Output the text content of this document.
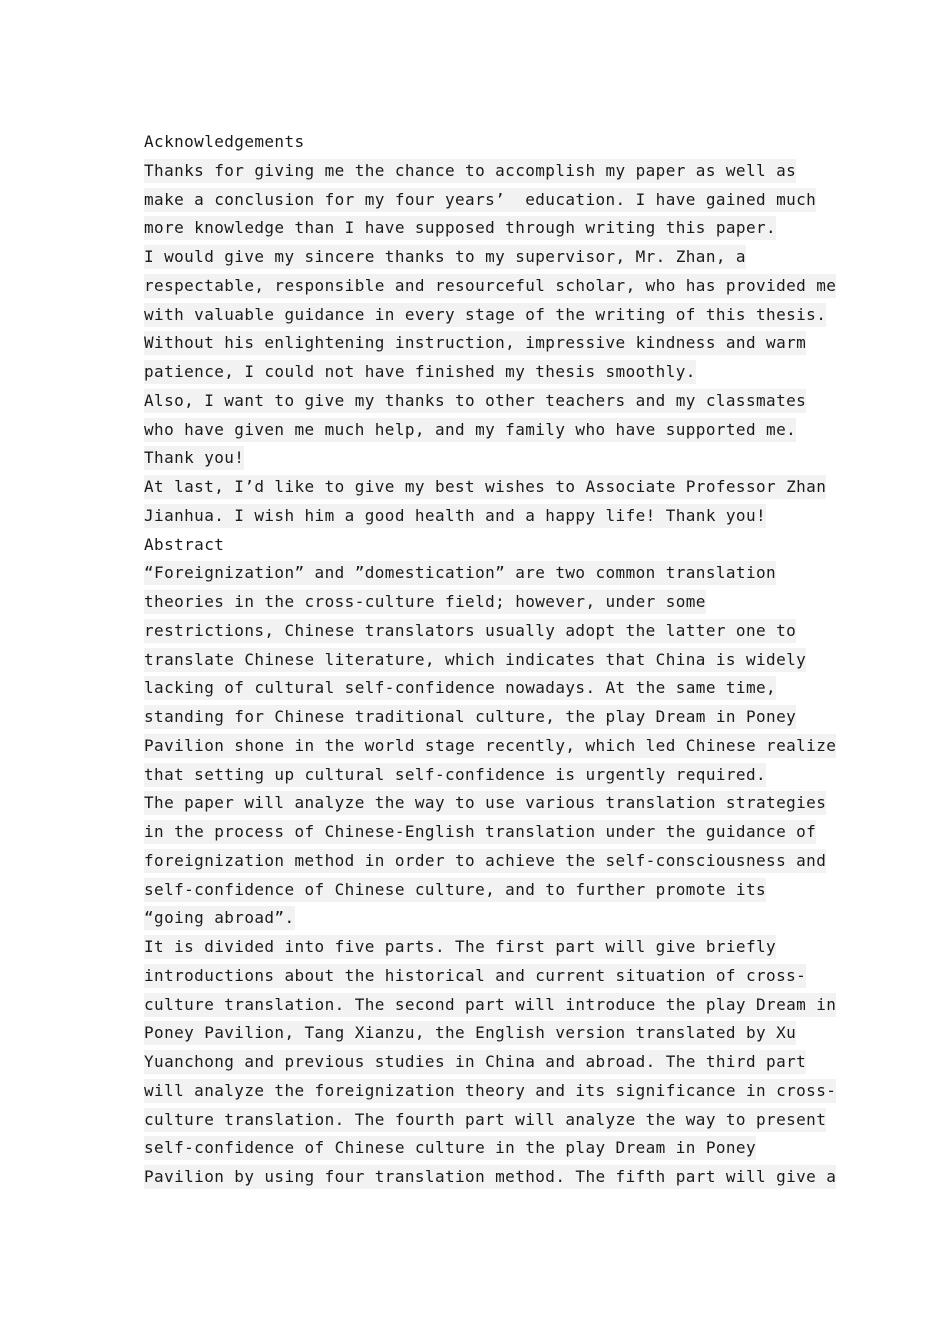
Acknowledgements
Thanks for giving me the chance to accomplish my paper as well as
make a conclusion for my four years’  education. I have gained much
more knowledge than I have supposed through writing this paper.
I would give my sincere thanks to my supervisor, Mr. Zhan, a
respectable, responsible and resourceful scholar, who has provided me
with valuable guidance in every stage of the writing of this thesis.
Without his enlightening instruction, impressive kindness and warm
patience, I could not have finished my thesis smoothly.
Also, I want to give my thanks to other teachers and my classmates
who have given me much help, and my family who have supported me.
Thank you!
At last, I’d like to give my best wishes to Associate Professor Zhan
Jianhua. I wish him a good health and a happy life! Thank you!
Abstract
“Foreignization” and ”domestication” are two common translation
theories in the cross-culture field; however, under some
restrictions, Chinese translators usually adopt the latter one to
translate Chinese literature, which indicates that China is widely
lacking of cultural self-confidence nowadays. At the same time,
standing for Chinese traditional culture, the play Dream in Poney
Pavilion shone in the world stage recently, which led Chinese realize
that setting up cultural self-confidence is urgently required.
The paper will analyze the way to use various translation strategies
in the process of Chinese-English translation under the guidance of
foreignization method in order to achieve the self-consciousness and
self-confidence of Chinese culture, and to further promote its
“going abroad”.
It is divided into five parts. The first part will give briefly
introductions about the historical and current situation of cross-
culture translation. The second part will introduce the play Dream in
Poney Pavilion, Tang Xianzu, the English version translated by Xu
Yuanchong and previous studies in China and abroad. The third part
will analyze the foreignization theory and its significance in cross-
culture translation. The fourth part will analyze the way to present
self-confidence of Chinese culture in the play Dream in Poney
Pavilion by using four translation method. The fifth part will give a
